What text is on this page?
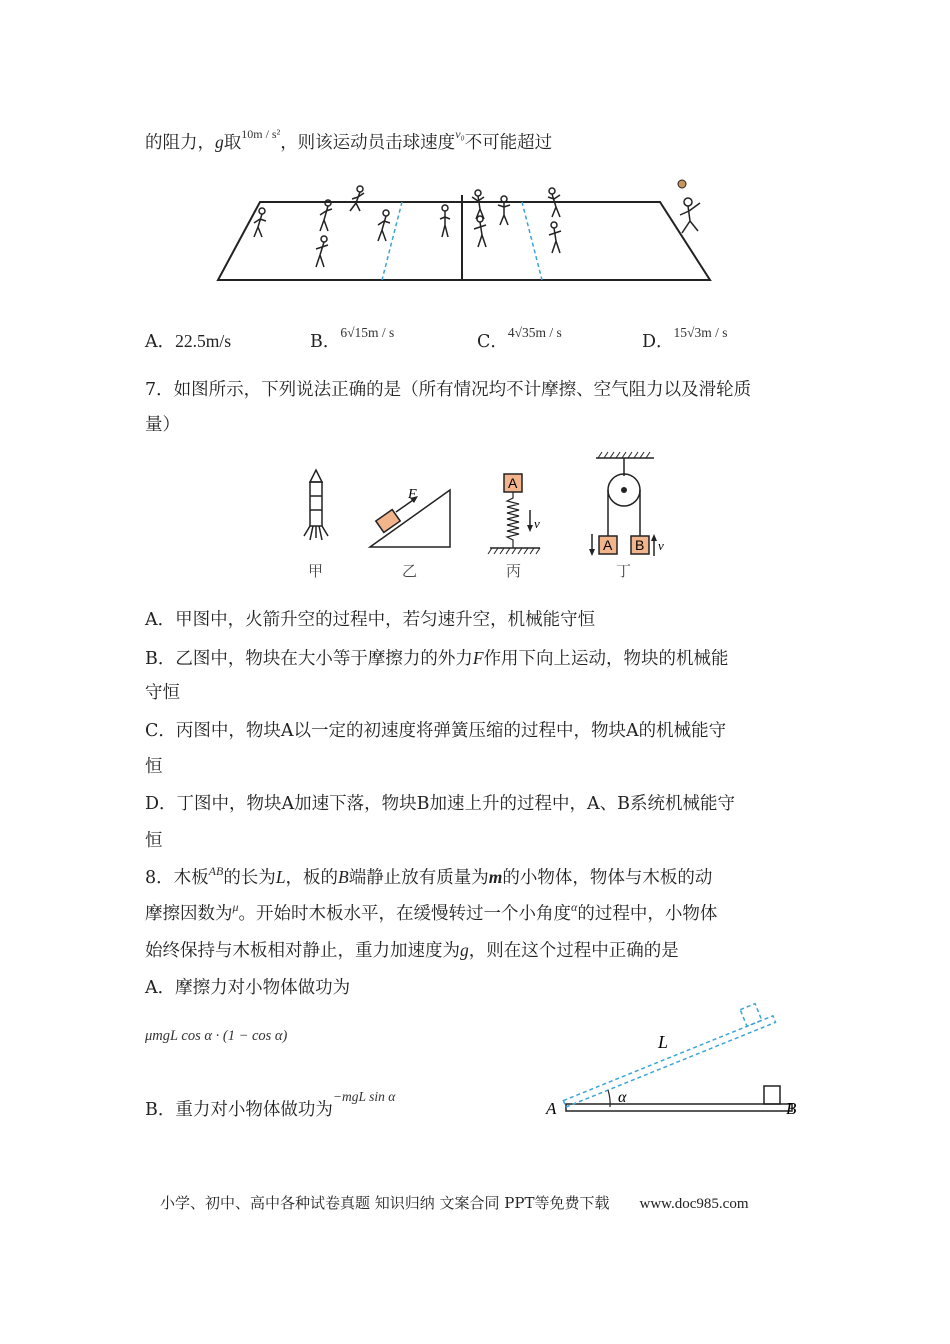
的阻力，g取$^{10m / s^2}$，则该运动员击球速度$^{v_0}$不可能超过
A．22.5m/s	B．$^{6√15m / s}$	C．$^{4√35m / s}$	D．$^{15√3m / s}$
7．如图所示，下列说法正确的是（所有情况均不计摩擦、空气阻力以及滑轮质
量）
F
A
v
A B v
甲	乙	丙	丁
A．甲图中，火箭升空的过程中，若匀速升空，机械能守恒
B．乙图中，物块在大小等于摩擦力的外力F作用下向上运动，物块的机械能
守恒
C．丙图中，物块A以一定的初速度将弹簧压缩的过程中，物块A的机械能守
恒
D．丁图中，物块A加速下落，物块B加速上升的过程中，A、B系统机械能守
恒
8．木板$^{AB}$的长为L，板的B端静止放有质量为m的小物体，物体与木板的动
摩擦因数为$^\mu$。开始时木板水平，在缓慢转过一个小角度$^\alpha$的过程中，小物体
始终保持与木板相对静止，重力加速度为g，则在这个过程中正确的是
A．摩擦力对小物体做功为
μmgL cos α · (1 − cos α)
B．重力对小物体做功为$^{-mgL sin \alpha}$	α
L
A	B
小学、初中、高中各种试卷真题 知识归纳 文案合同 PPT等免费下载 www.doc985.com
